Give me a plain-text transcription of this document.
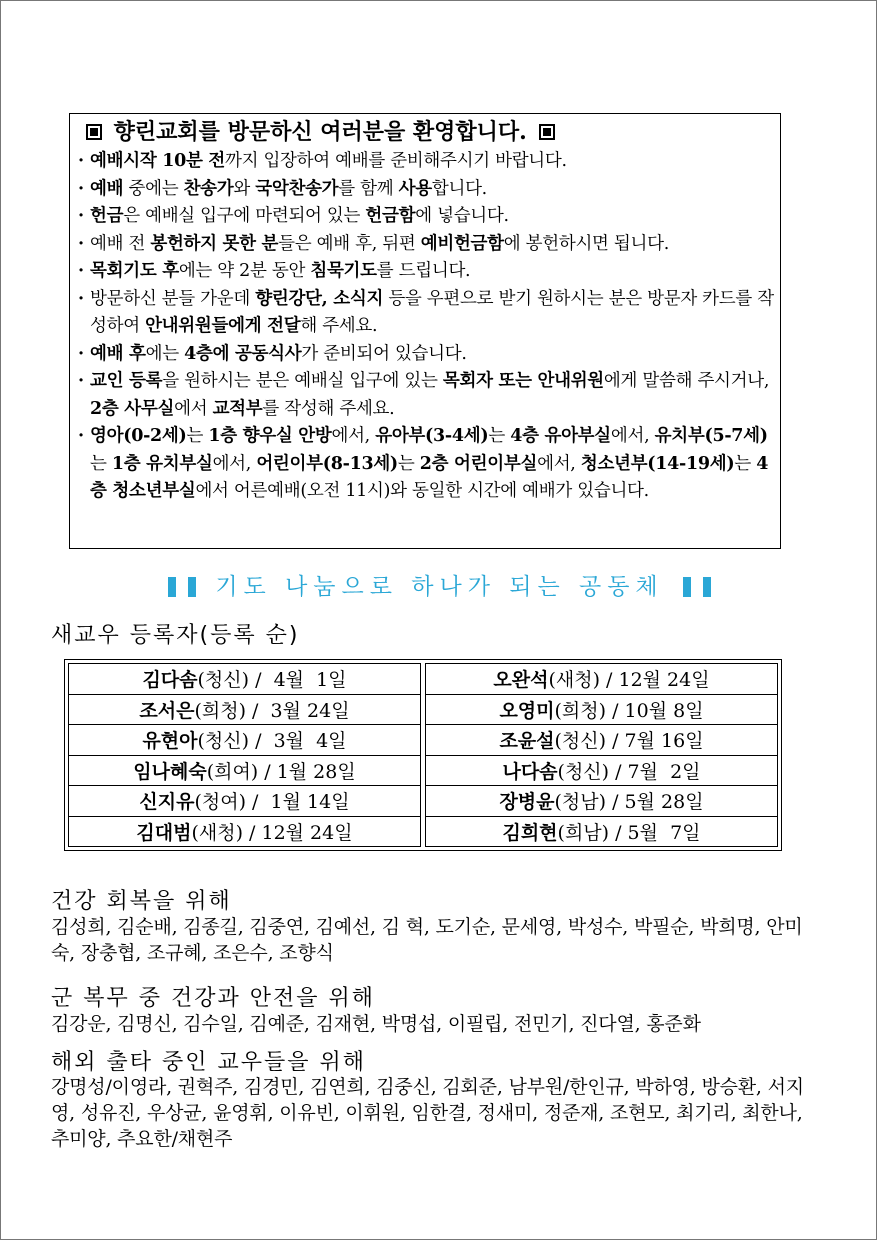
향린교회를 방문하신 여러분을 환영합니다.
· 예배시작 10분 전까지 입장하여 예배를 준비해주시기 바랍니다.
· 예배 중에는 찬송가와 국악찬송가를 함께 사용합니다.
· 헌금은 예배실 입구에 마련되어 있는 헌금함에 넣습니다.
· 예배 전 봉헌하지 못한 분들은 예배 후, 뒤편 예비헌금함에 봉헌하시면 됩니다.
· 목회기도 후에는 약 2분 동안 침묵기도를 드립니다.
· 방문하신 분들 가운데 향린강단, 소식지 등을 우편으로 받기 원하시는 분은 방문자 카드를 작성하여 안내위원들에게 전달해 주세요.
· 예배 후에는 4층에 공동식사가 준비되어 있습니다.
· 교인 등록을 원하시는 분은 예배실 입구에 있는 목회자 또는 안내위원에게 말씀해 주시거나, 2층 사무실에서 교적부를 작성해 주세요.
· 영아(0-2세)는 1층 향우실 안방에서, 유아부(3-4세)는 4층 유아부실에서, 유치부(5-7세)는 1층 유치부실에서, 어린이부(8-13세)는 2층 어린이부실에서, 청소년부(14-19세)는 4층 청소년부실에서 어른예배(오전 11시)와 동일한 시간에 예배가 있습니다.
기도 나눔으로 하나가 되는 공동체
새교우 등록자(등록 순)
김다솜 (청신) /  4월  1일
조서은 (희청) /  3월 24일
유현아 (청신) /  3월  4일
임나혜숙 (희여) / 1월 28일
신지유 (청여) /  1월 14일
김대범 (새청) / 12월 24일
오완석 (새청) / 12월 24일
오영미 (희청) / 10월 8일
조윤설 (청신) / 7월 16일
나다솜 (청신) / 7월  2일
장병윤 (청남) / 5월 28일
김희현 (희남) / 5월  7일
건강 회복을 위해
김성희, 김순배, 김종길, 김중연, 김예선, 김 혁, 도기순, 문세영, 박성수, 박필순, 박희명, 안미숙, 장충협, 조규혜, 조은수, 조향식
군 복무 중 건강과 안전을 위해
김강운, 김명신, 김수일, 김예준, 김재현, 박명섭, 이필립, 전민기, 진다열, 홍준화
해외 출타 중인 교우들을 위해
강명성/이영라, 권혁주, 김경민, 김연희, 김중신, 김회준, 남부원/한인규, 박하영, 방승환, 서지영, 성유진, 우상균, 윤영휘, 이유빈, 이휘원, 임한결, 정새미, 정준재, 조현모, 최기리, 최한나, 추미양, 추요한/채현주
